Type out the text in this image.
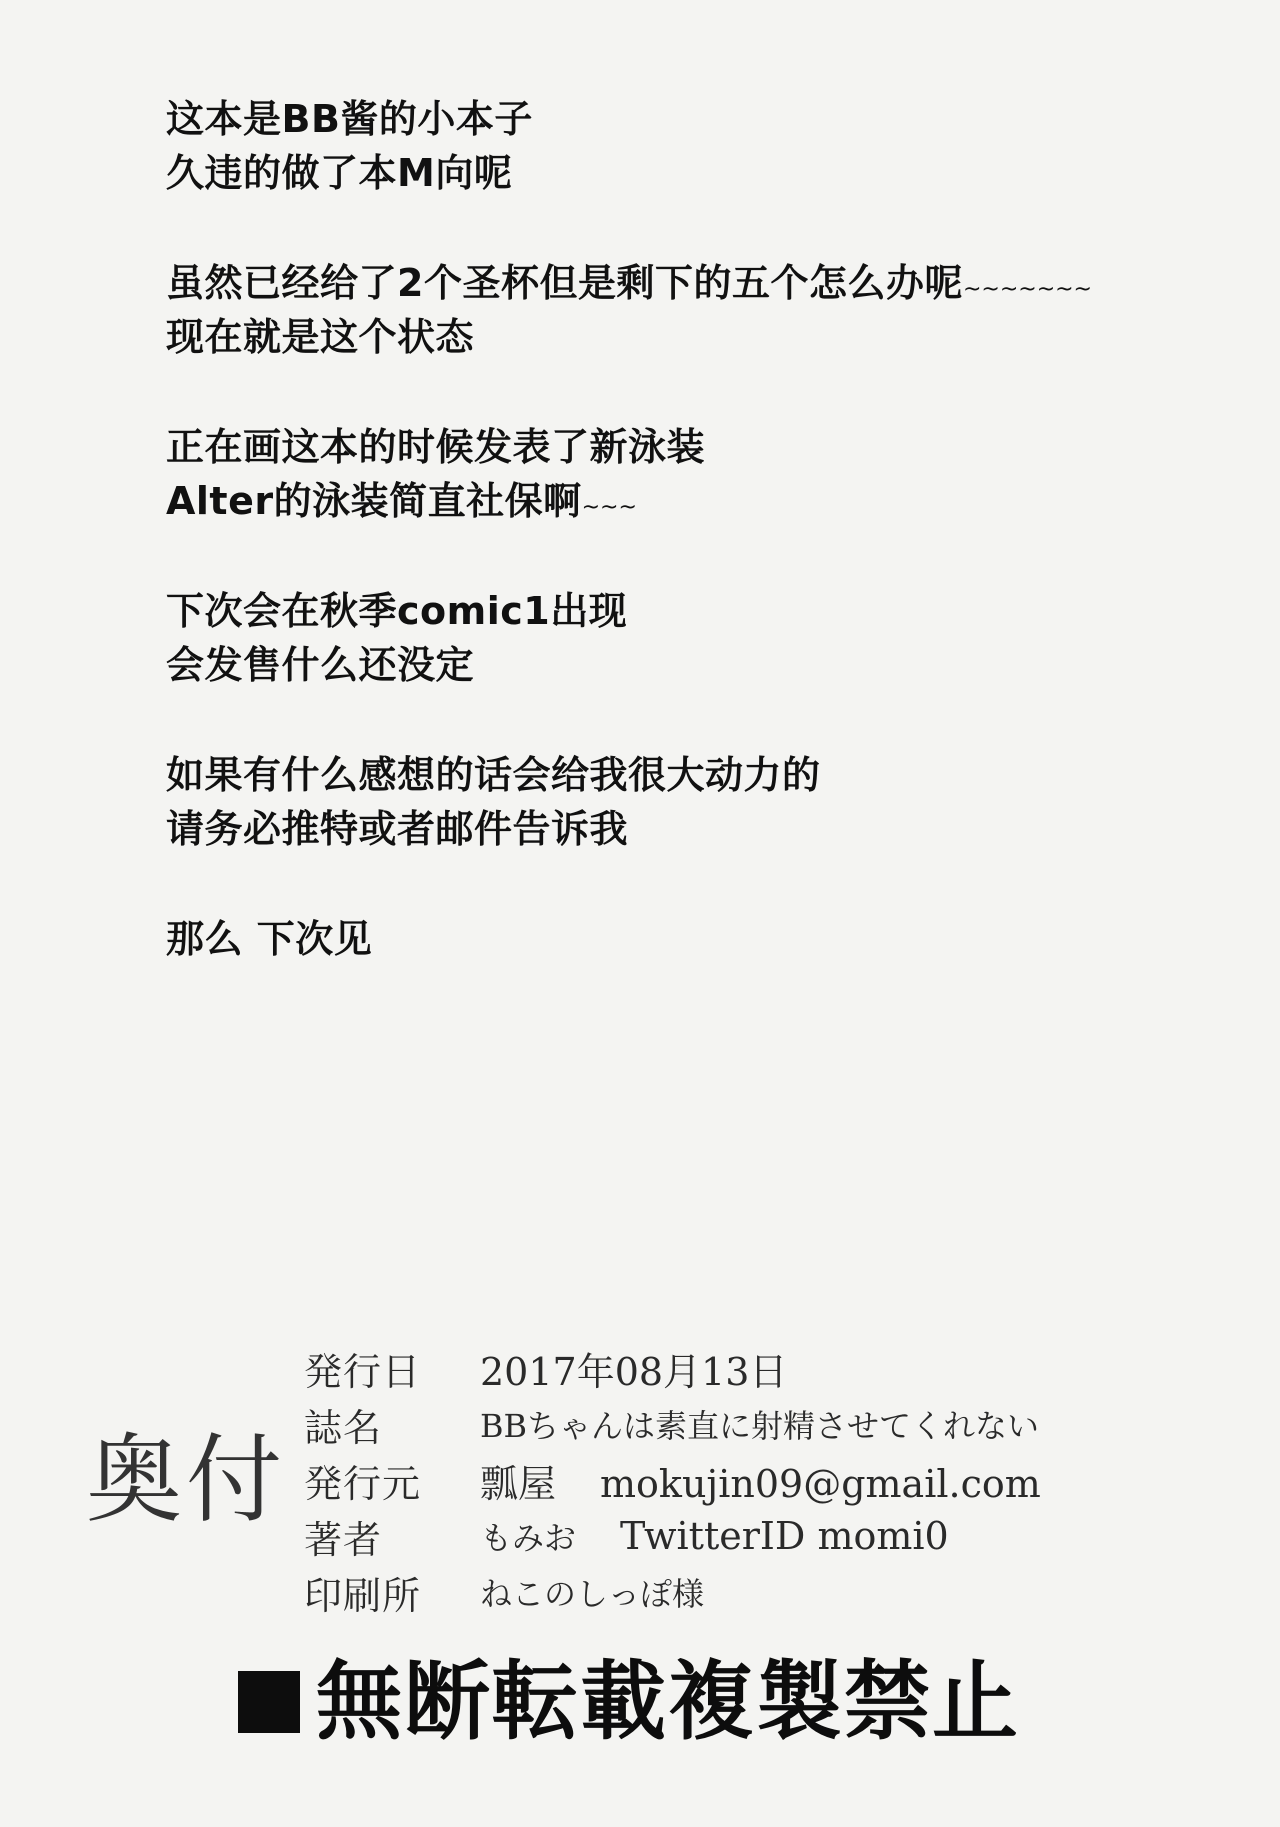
这本是BB酱的小本子
久违的做了本M向呢
虽然已经给了2个圣杯但是剩下的五个怎么办呢~~~~~~~
现在就是这个状态
正在画这本的时候发表了新泳装
Alter的泳装简直社保啊~~~
下次会在秋季comic1出现
会发售什么还没定
如果有什么感想的话会给我很大动力的
请务必推特或者邮件告诉我
那么 下次见
奥付
発行日	2017年08月13日
誌名	BBちゃんは素直に射精させてくれない
発行元	瓢屋 mokujin09@gmail.com
著者	もみお TwitterID momi0
印刷所	ねこのしっぽ様
無断転載複製禁止
